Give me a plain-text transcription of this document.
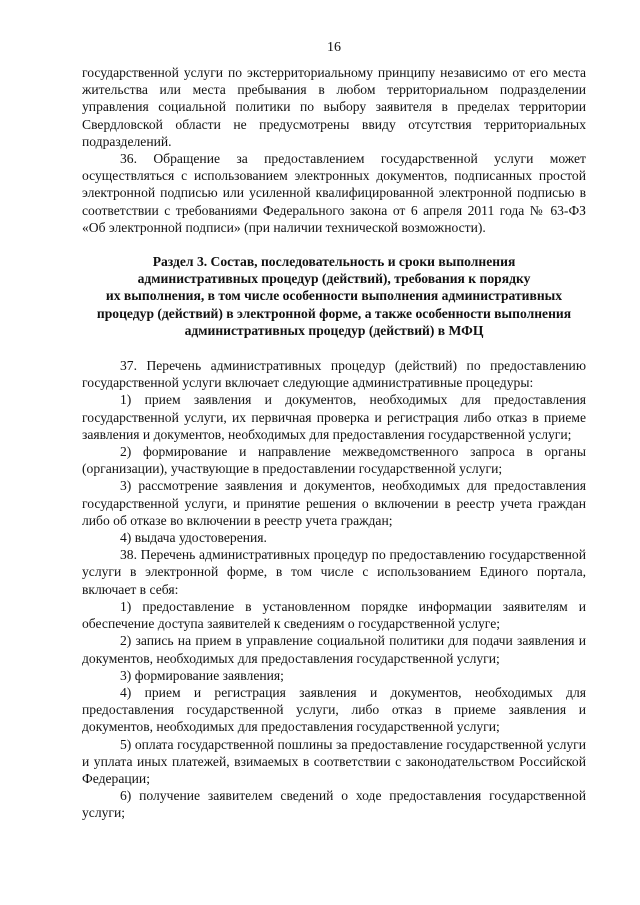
16

государственной услуги по экстерриториальному принципу независимо от его места жительства или места пребывания в любом территориальном подразделении управления социальной политики по выбору заявителя в пределах территории Свердловской области не предусмотрены ввиду отсутствия территориальных подразделений.

36. Обращение за предоставлением государственной услуги может осуществляться с использованием электронных документов, подписанных простой электронной подписью или усиленной квалифицированной электронной подписью в соответствии с требованиями Федерального закона от 6 апреля 2011 года № 63-ФЗ «Об электронной подписи» (при наличии технической возможности).

Раздел 3. Состав, последовательность и сроки выполнения
административных процедур (действий), требования к порядку
их выполнения, в том числе особенности выполнения административных
процедур (действий) в электронной форме, а также особенности выполнения
административных процедур (действий) в МФЦ

37. Перечень административных процедур (действий) по предоставлению государственной услуги включает следующие административные процедуры:

1) прием заявления и документов, необходимых для предоставления государственной услуги, их первичная проверка и регистрация либо отказ в приеме заявления и документов, необходимых для предоставления государственной услуги;

2) формирование и направление межведомственного запроса в органы (организации), участвующие в предоставлении государственной услуги;

3) рассмотрение заявления и документов, необходимых для предоставления государственной услуги, и принятие решения о включении в реестр учета граждан либо об отказе во включении в реестр учета граждан;

4) выдача удостоверения.

38. Перечень административных процедур по предоставлению государственной услуги в электронной форме, в том числе с использованием Единого портала, включает в себя:

1) предоставление в установленном порядке информации заявителям и обеспечение доступа заявителей к сведениям о государственной услуге;

2) запись на прием в управление социальной политики для подачи заявления и документов, необходимых для предоставления государственной услуги;

3) формирование заявления;

4) прием и регистрация заявления и документов, необходимых для предоставления государственной услуги, либо отказ в приеме заявления и документов, необходимых для предоставления государственной услуги;

5) оплата государственной пошлины за предоставление государственной услуги и уплата иных платежей, взимаемых в соответствии с законодательством Российской Федерации;

6) получение заявителем сведений о ходе предоставления государственной услуги;
